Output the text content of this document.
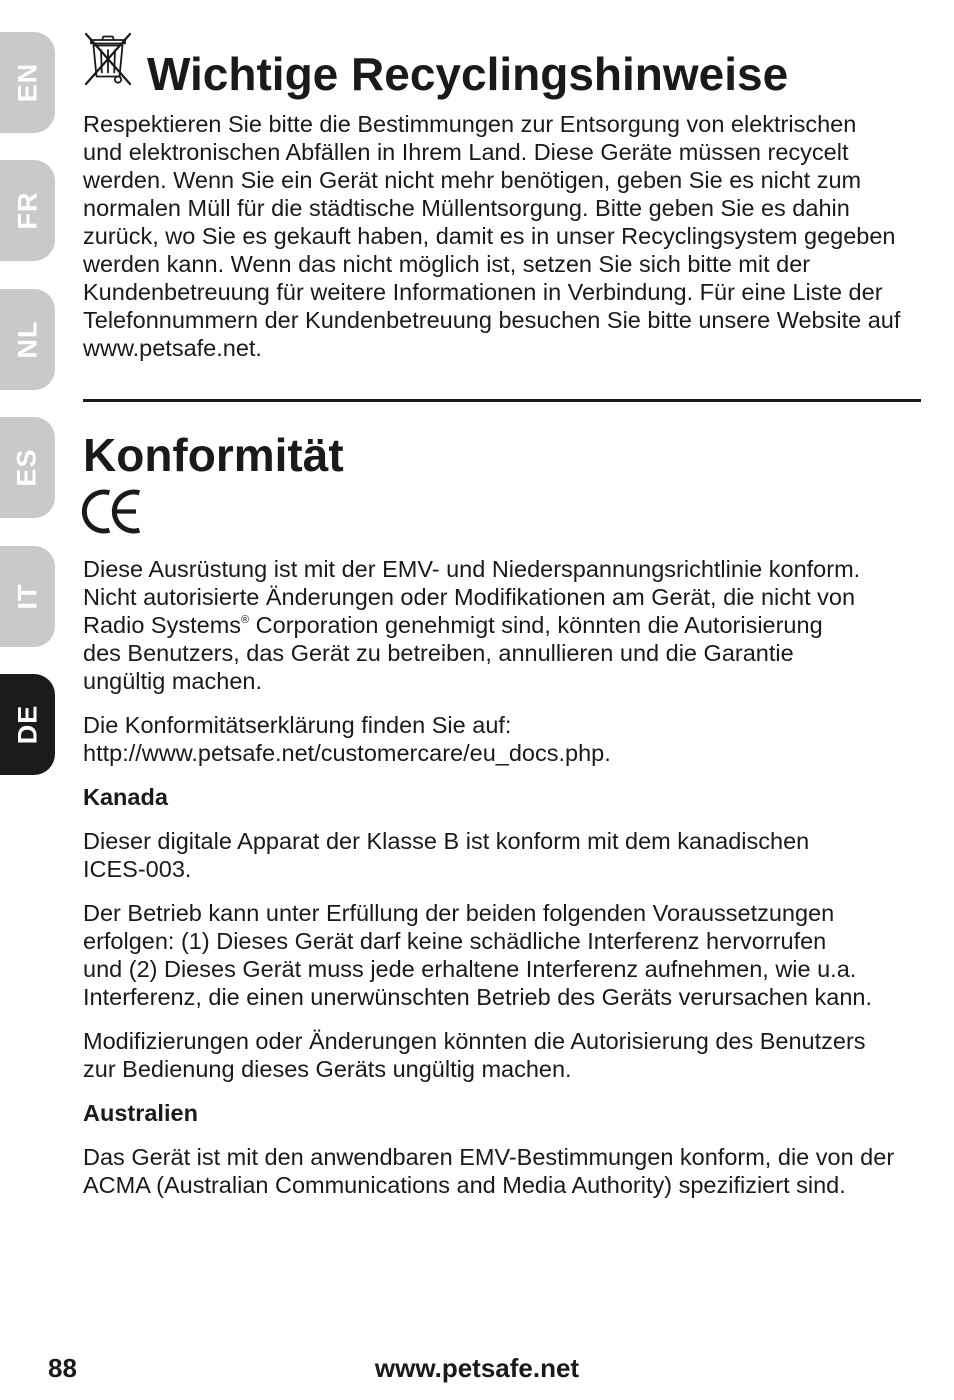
EN
FR
NL
ES
IT
DE
Wichtige Recyclingshinweise
Respektieren Sie bitte die Bestimmungen zur Entsorgung von elektrischen
und elektronischen Abfällen in Ihrem Land. Diese Geräte müssen recycelt
werden. Wenn Sie ein Gerät nicht mehr benötigen, geben Sie es nicht zum
normalen Müll für die städtische Müllentsorgung. Bitte geben Sie es dahin
zurück, wo Sie es gekauft haben, damit es in unser Recyclingsystem gegeben
werden kann. Wenn das nicht möglich ist, setzen Sie sich bitte mit der
Kundenbetreuung für weitere Informationen in Verbindung. Für eine Liste der
Telefonnummern der Kundenbetreuung besuchen Sie bitte unsere Website auf
www.petsafe.net.
Konformität
Diese Ausrüstung ist mit der EMV- und Niederspannungsrichtlinie konform.
Nicht autorisierte Änderungen oder Modifikationen am Gerät, die nicht von
Radio Systems® Corporation genehmigt sind, könnten die Autorisierung
des Benutzers, das Gerät zu betreiben, annullieren und die Garantie
ungültig machen.
Die Konformitätserklärung finden Sie auf:
http://www.petsafe.net/customercare/eu_docs.php.
Kanada
Dieser digitale Apparat der Klasse B ist konform mit dem kanadischen
ICES-003.
Der Betrieb kann unter Erfüllung der beiden folgenden Voraussetzungen
erfolgen: (1) Dieses Gerät darf keine schädliche Interferenz hervorrufen
und (2) Dieses Gerät muss jede erhaltene Interferenz aufnehmen, wie u.a.
Interferenz, die einen unerwünschten Betrieb des Geräts verursachen kann.
Modifizierungen oder Änderungen könnten die Autorisierung des Benutzers
zur Bedienung dieses Geräts ungültig machen.
Australien
Das Gerät ist mit den anwendbaren EMV-Bestimmungen konform, die von der
ACMA (Australian Communications and Media Authority) spezifiziert sind.
88	www.petsafe.net
